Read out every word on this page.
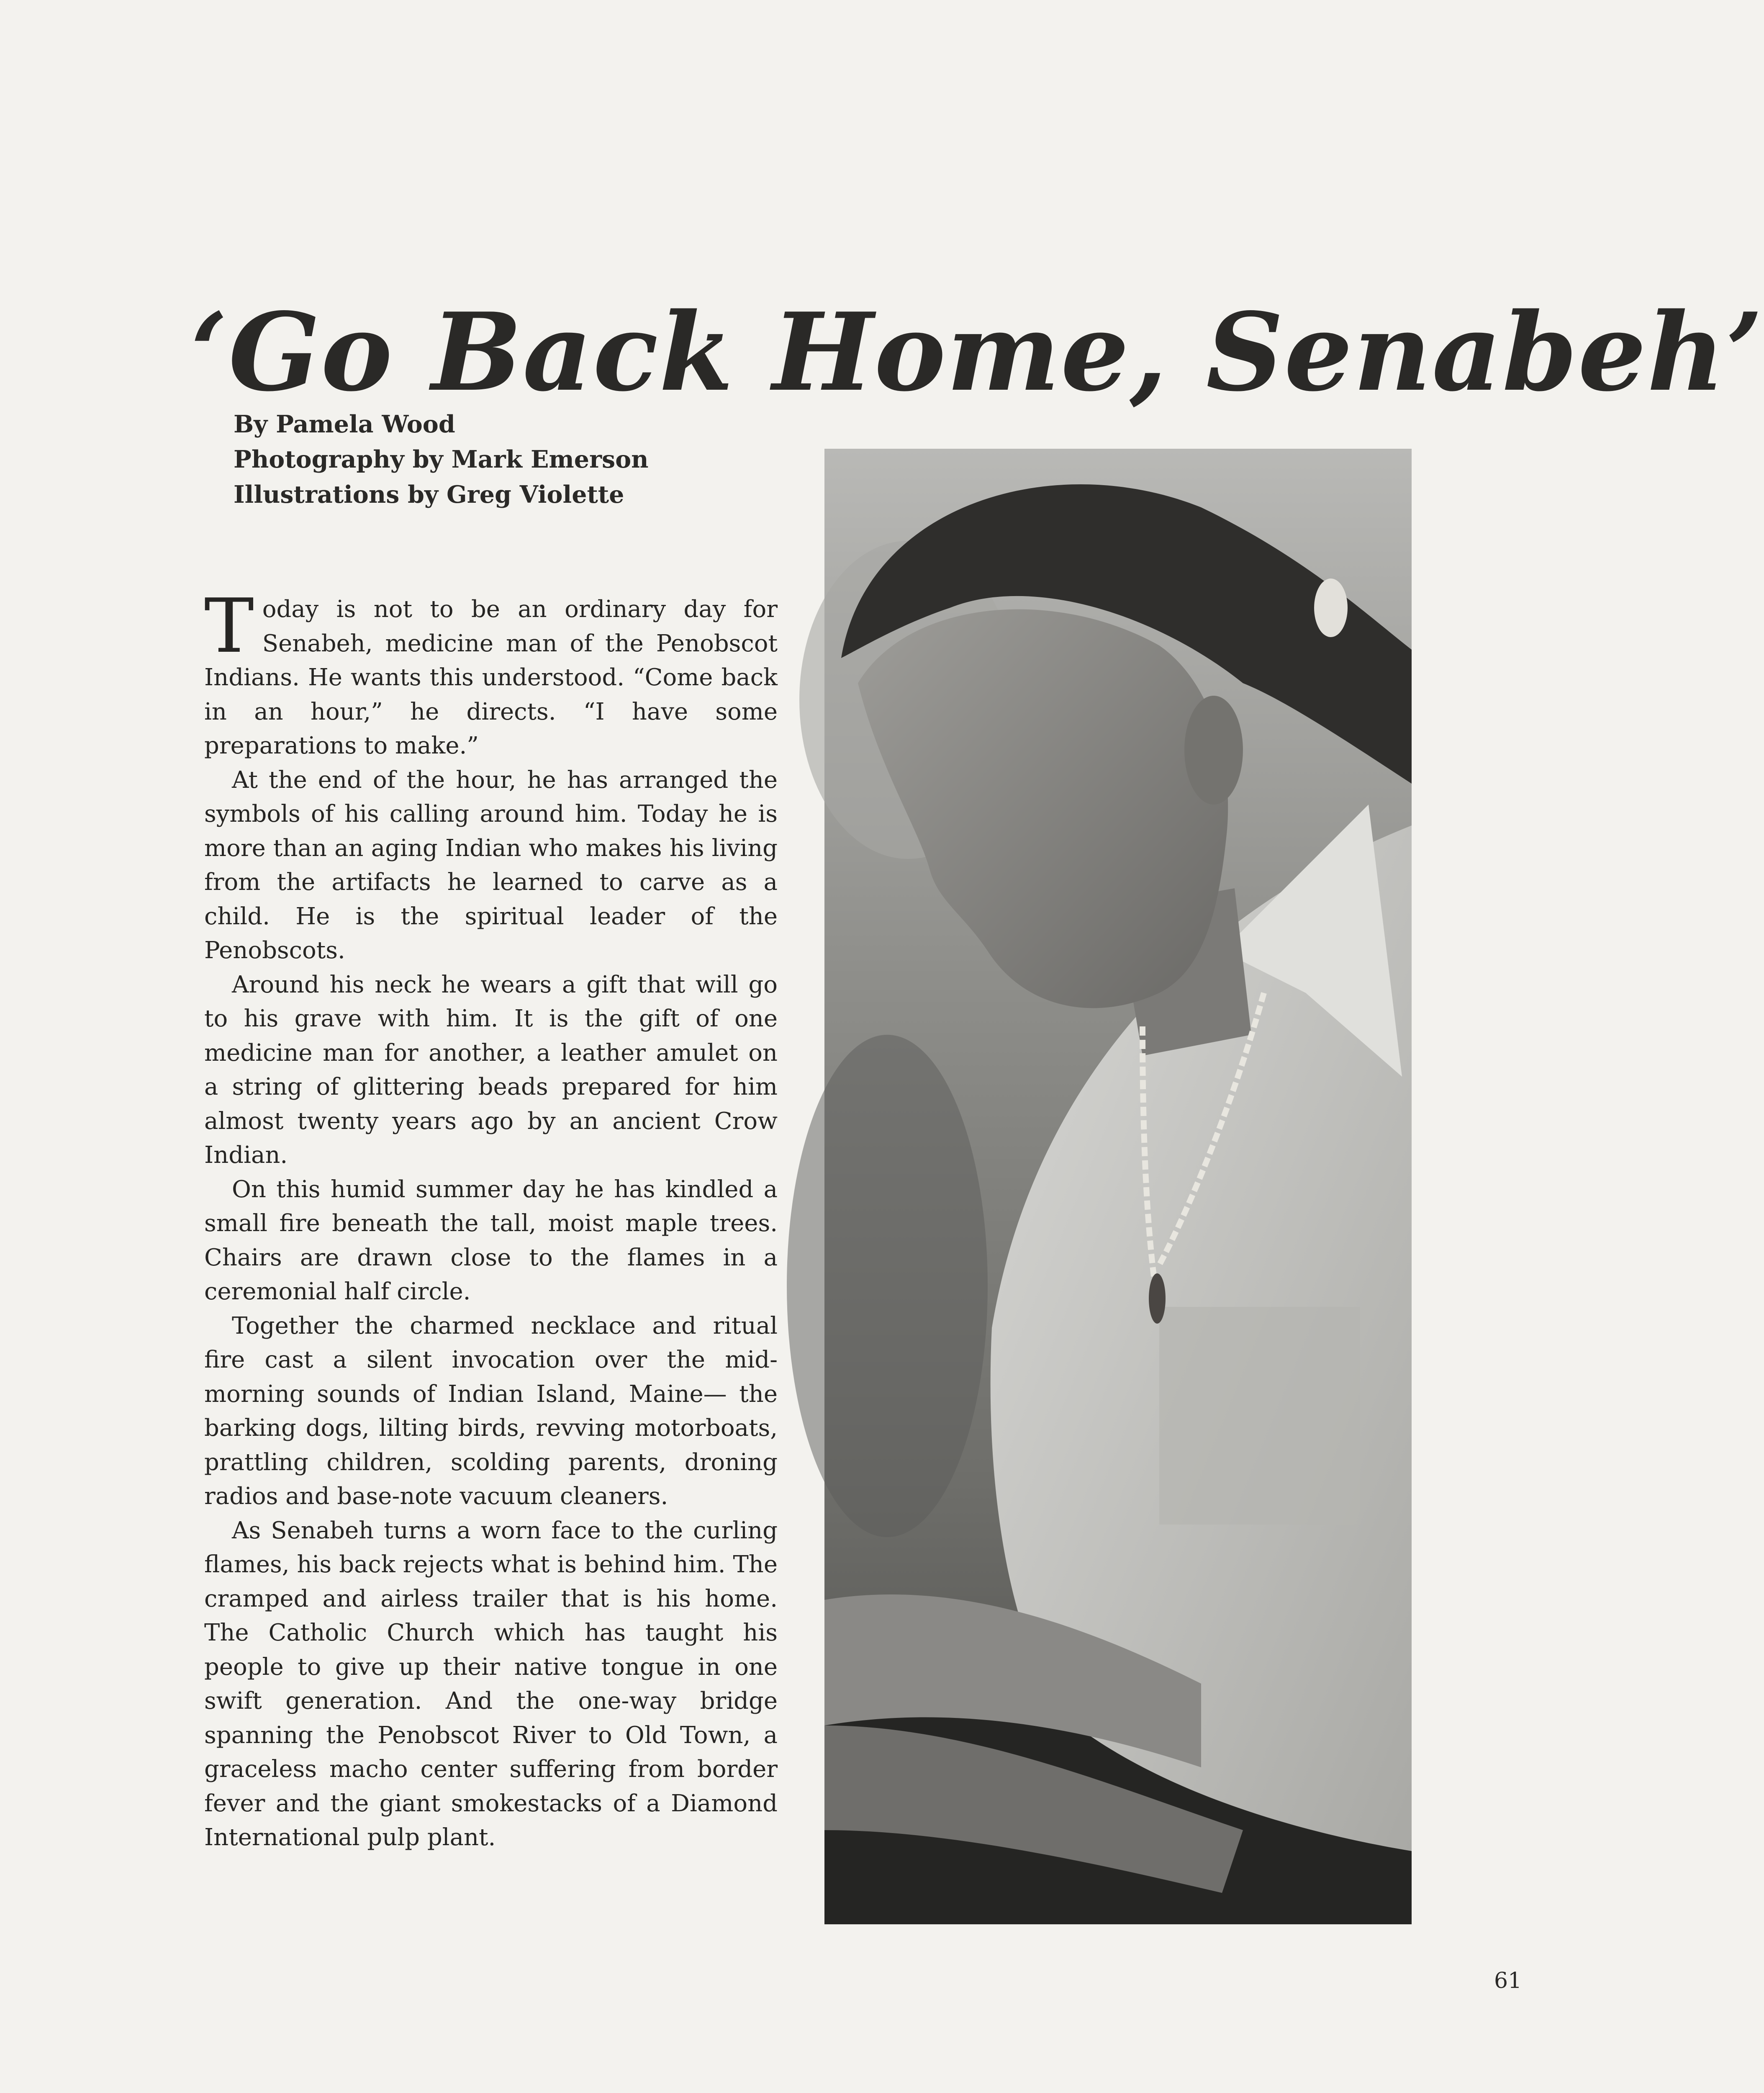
‘Go Back Home, Senabeh’
By Pamela Wood
Photography by Mark Emerson
Illustrations by Greg Violette

Today is not to be an ordinary day for Senabeh, medicine man of the Penobscot Indians. He wants this understood. “Come back in an hour,” he directs. “I have some preparations to make.”

At the end of the hour, he has arranged the symbols of his calling around him. Today he is more than an aging Indian who makes his living from the artifacts he learned to carve as a child. He is the spiritual leader of the Penobscots.

Around his neck he wears a gift that will go to his grave with him. It is the gift of one medicine man for another, a leather amulet on a string of glittering beads prepared for him almost twenty years ago by an ancient Crow Indian.

On this humid summer day he has kindled a small fire beneath the tall, moist maple trees. Chairs are drawn close to the flames in a ceremonial half circle.

Together the charmed necklace and ritual fire cast a silent invocation over the mid-morning sounds of Indian Island, Maine— the barking dogs, lilting birds, revving motorboats, prattling children, scolding parents, droning radios and base-note vacuum cleaners.

As Senabeh turns a worn face to the curling flames, his back rejects what is behind him. The cramped and airless trailer that is his home. The Catholic Church which has taught his people to give up their native tongue in one swift generation. And the one-way bridge spanning the Penobscot River to Old Town, a graceless macho center suffering from border fever and the giant smokestacks of a Diamond International pulp plant.

61
